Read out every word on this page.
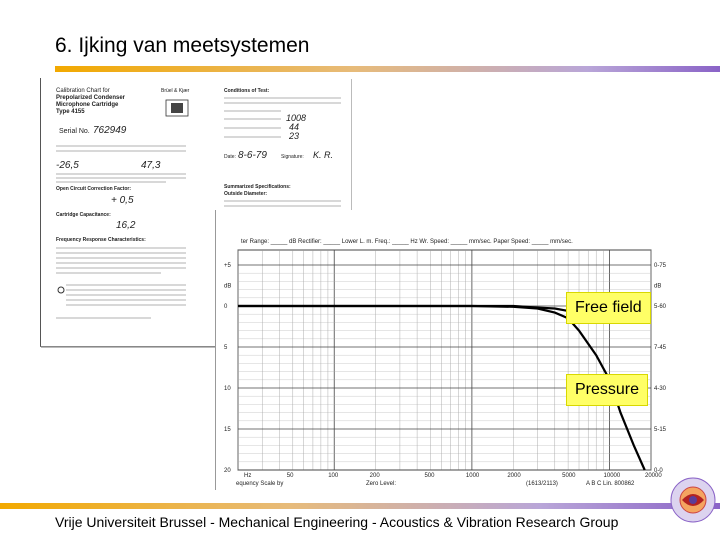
6. Ijking van meetsystemen
Calibration Chart for
Prepolarized Condenser
Microphone Cartridge
Type 4155
Brüel & Kjær
Serial No. 762949
-26,5	47,3
Open Circuit Correction Factor:
+ 0,5
Cartridge Capacitance:
16,2
Frequency Response Characteristics:
Conditions of Test:
1008
44
23
Date: 8-6-79	Signature: K. R.
Summarized Specifications:
Outside Diameter:
+5
dB
0
5
10
15
20
0-75
dB
5-60
7-45
4-30
5-15
0-0
Hz	50	100	200	500	1000	2000	5000	10000	20000
ter Range: _____ dB Rectifier: _____ Lower L. m. Freq.: _____ Hz Wr. Speed: _____ mm/sec. Paper Speed: _____ mm/sec.
equency Scale by	Zero Level:	(1613/2113)	A B C Lin. 800862
Free field
Pressure
Vrije Universiteit Brussel - Mechanical Engineering - Acoustics & Vibration Research Group
